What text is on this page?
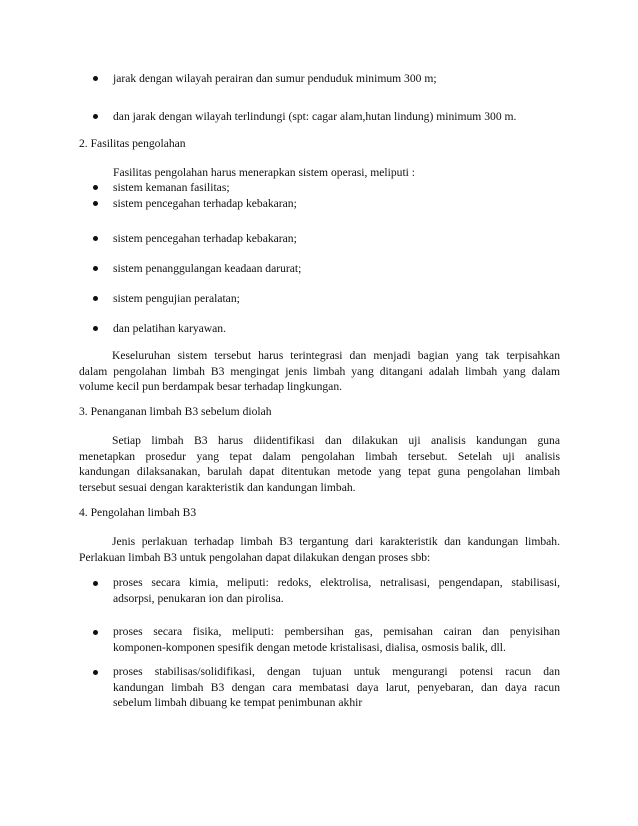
jarak dengan wilayah perairan dan sumur penduduk minimum 300 m;
dan jarak dengan wilayah terlindungi (spt: cagar alam,hutan lindung) minimum 300 m.
2. Fasilitas pengolahan
Fasilitas pengolahan harus menerapkan sistem operasi, meliputi :
sistem kemanan fasilitas;
sistem pencegahan terhadap kebakaran;
sistem pencegahan terhadap kebakaran;
sistem penanggulangan keadaan darurat;
sistem pengujian peralatan;
dan pelatihan karyawan.
Keseluruhan sistem tersebut harus terintegrasi dan menjadi bagian yang tak terpisahkan
dalam pengolahan limbah B3 mengingat jenis limbah yang ditangani adalah limbah yang dalam
volume kecil pun berdampak besar terhadap lingkungan.
3. Penanganan limbah B3 sebelum diolah
Setiap limbah B3 harus diidentifikasi dan dilakukan uji analisis kandungan guna
menetapkan prosedur yang tepat dalam pengolahan limbah tersebut. Setelah uji analisis
kandungan dilaksanakan, barulah dapat ditentukan metode yang tepat guna pengolahan limbah
tersebut sesuai dengan karakteristik dan kandungan limbah.
4. Pengolahan limbah B3
Jenis perlakuan terhadap limbah B3 tergantung dari karakteristik dan kandungan limbah.
Perlakuan limbah B3 untuk pengolahan dapat dilakukan dengan proses sbb:
proses secara kimia, meliputi: redoks, elektrolisa, netralisasi, pengendapan, stabilisasi,
adsorpsi, penukaran ion dan pirolisa.
proses secara fisika, meliputi: pembersihan gas, pemisahan cairan dan penyisihan
komponen-komponen spesifik dengan metode kristalisasi, dialisa, osmosis balik, dll.
proses stabilisas/solidifikasi, dengan tujuan untuk mengurangi potensi racun dan
kandungan limbah B3 dengan cara membatasi daya larut, penyebaran, dan daya racun
sebelum limbah dibuang ke tempat penimbunan akhir
